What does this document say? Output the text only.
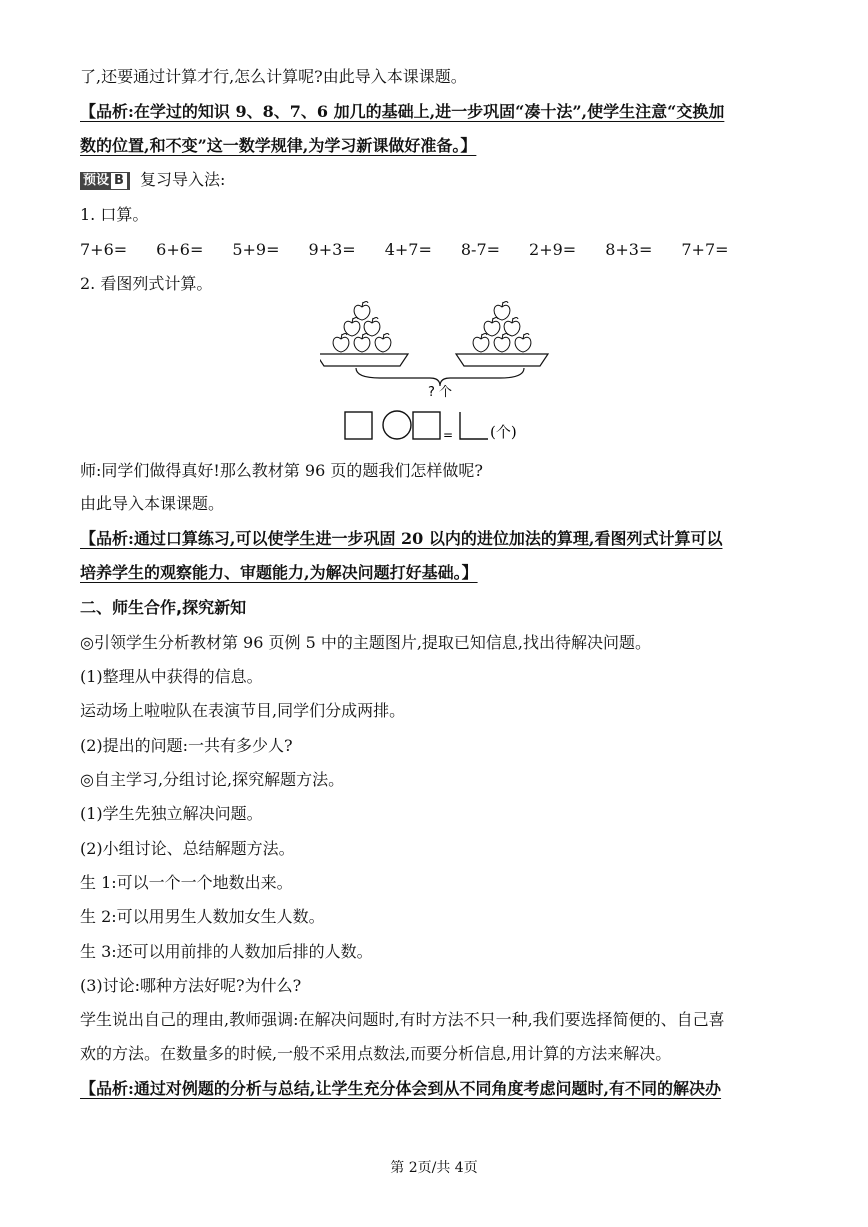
了,还要通过计算才行,怎么计算呢?由此导入本课课题。
【品析:在学过的知识 9、8、7、6 加几的基础上,进一步巩固“凑十法”,使学生注意“交换加
数的位置,和不变”这一数学规律,为学习新课做好准备。】
预设 B 复习导入法:
1. 口算。
7+6= 6+6= 5+9= 9+3= 4+7= 8-7= 2+9= 8+3= 7+7=
2. 看图列式计算。
? 个
= (个)
师:同学们做得真好!那么教材第 96 页的题我们怎样做呢?
由此导入本课课题。
【品析:通过口算练习,可以使学生进一步巩固 20 以内的进位加法的算理,看图列式计算可以
培养学生的观察能力、审题能力,为解决问题打好基础。】
二、师生合作,探究新知
◎引领学生分析教材第 96 页例 5 中的主题图片,提取已知信息,找出待解决问题。
(1)整理从中获得的信息。
运动场上啦啦队在表演节目,同学们分成两排。
(2)提出的问题:一共有多少人?
◎自主学习,分组讨论,探究解题方法。
(1)学生先独立解决问题。
(2)小组讨论、总结解题方法。
生 1:可以一个一个地数出来。
生 2:可以用男生人数加女生人数。
生 3:还可以用前排的人数加后排的人数。
(3)讨论:哪种方法好呢?为什么?
学生说出自己的理由,教师强调:在解决问题时,有时方法不只一种,我们要选择简便的、自己喜
欢的方法。在数量多的时候,一般不采用点数法,而要分析信息,用计算的方法来解决。
【品析:通过对例题的分析与总结,让学生充分体会到从不同角度考虑问题时,有不同的解决办
第 2页/共 4页
